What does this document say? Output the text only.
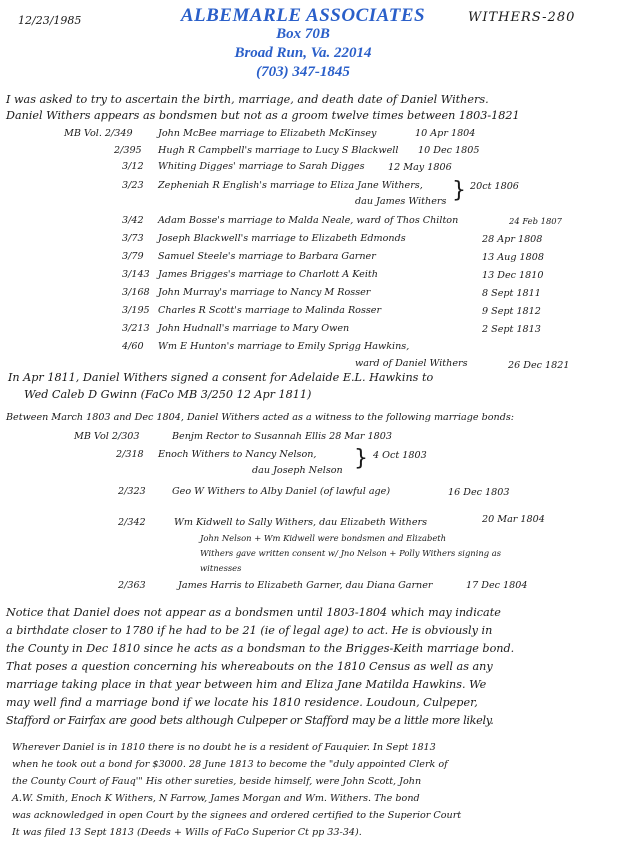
12/23/1985	WITHERS-280
ALBEMARLE ASSOCIATES
Box 70B
Broad Run, Va. 22014
(703) 347-1845
I was asked to try to ascertain the birth, marriage, and death date of Daniel Withers.
Daniel Withers appears as bondsmen but not as a groom twelve times between 1803-1821
MB Vol. 2/349	John McBee marriage to Elizabeth McKinsey	10 Apr 1804
2/395 Hugh R Campbell's marriage to Lucy S Blackwell 10 Dec 1805
3/12 Whiting Digges' marriage to Sarah Digges 12 May 1806
3/23 Zepheniah R English's marriage to Eliza Jane Withers, } 20ct 1806
dau James Withers
3/42 Adam Bosse's marriage to Malda Neale, ward of Thos Chilton	24 Feb 1807
3/73 Joseph Blackwell's marriage to Elizabeth Edmonds	28 Apr 1808
3/79 Samuel Steele's marriage to Barbara Garner	13 Aug 1808
3/143 James Brigges's marriage to Charlott A Keith	13 Dec 1810
3/168 John Murray's marriage to Nancy M Rosser	8 Sept 1811
3/195 Charles R Scott's marriage to Malinda Rosser	9 Sept 1812
3/213 John Hudnall's marriage to Mary Owen	2 Sept 1813
4/60 Wm E Hunton's marriage to Emily Sprigg Hawkins,
ward of Daniel Withers	26 Dec 1821
In Apr 1811, Daniel Withers signed a consent for Adelaide E.L. Hawkins to
Wed Caleb D Gwinn (FaCo MB 3/250 12 Apr 1811)
Between March 1803 and Dec 1804, Daniel Withers acted as a witness to the following marriage bonds:
MB Vol 2/303	Benjm Rector to Susannah Ellis 28 Mar 1803
2/318 Enoch Withers to Nancy Nelson, } 4 Oct 1803
dau Joseph Nelson
2/323	Geo W Withers to Alby Daniel (of lawful age)	16 Dec 1803
2/342	Wm Kidwell to Sally Withers, dau Elizabeth Withers	20 Mar 1804
John Nelson + Wm Kidwell were bondsmen and Elizabeth
Withers gave written consent w/ Jno Nelson + Polly Withers signing as
witnesses
2/363	James Harris to Elizabeth Garner, dau Diana Garner	17 Dec 1804
Notice that Daniel does not appear as a bondsmen until 1803-1804 which may indicate
a birthdate closer to 1780 if he had to be 21 (ie of legal age) to act. He is obviously in
the County in Dec 1810 since he acts as a bondsman to the Brigges-Keith marriage bond.
That poses a question concerning his whereabouts on the 1810 Census as well as any
marriage taking place in that year between him and Eliza Jane Matilda Hawkins. We
may well find a marriage bond if we locate his 1810 residence. Loudoun, Culpeper,
Stafford or Fairfax are good bets although Culpeper or Stafford may be a little more likely.
Wherever Daniel is in 1810 there is no doubt he is a resident of Fauquier. In Sept 1813
when he took out a bond for $3000. 28 June 1813 to become the "duly appointed Clerk of
the County Court of Fauq'" His other sureties, beside himself, were John Scott, John
A.W. Smith, Enoch K Withers, N Farrow, James Morgan and Wm. Withers. The bond
was acknowledged in open Court by the signees and ordered certified to the Superior Court
It was filed 13 Sept 1813 (Deeds + Wills of FaCo Superior Ct pp 33-34).
